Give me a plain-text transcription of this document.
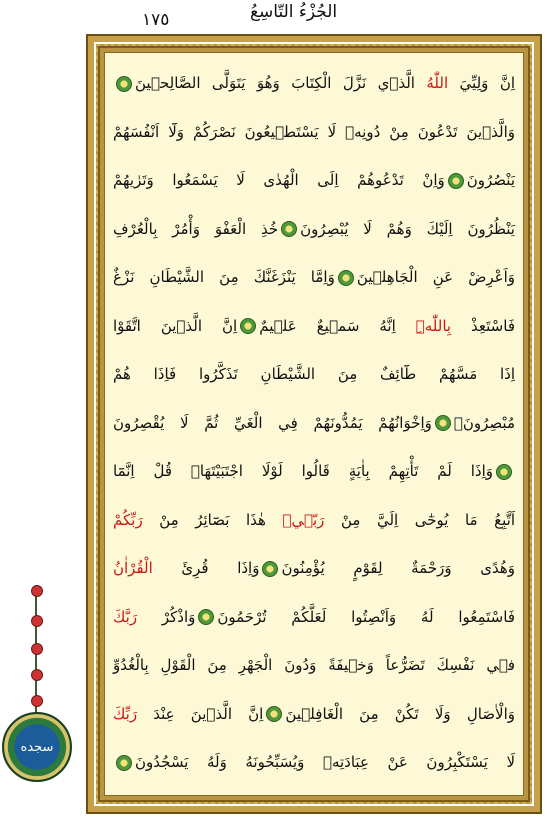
١٧٥	الجُزْءُ التّاسِعُ
اِنَّ وَلِيِّيَ اللّٰهُ الَّذ۪ي نَزَّلَ الْكِتَابَ وَهُوَ يَتَوَلَّى الصَّالِح۪ينَ
وَالَّذ۪ينَ تَدْعُونَ مِنْ دُونِه۪ لَا يَسْتَط۪يعُونَ نَصْرَكُمْ وَلَٓا اَنْفُسَهُمْ
يَنْصُرُونَوَاِنْ تَدْعُوهُمْ اِلَى الْهُدٰى لَا يَسْمَعُوا وَتَرٰيهُمْ
يَنْظُرُونَ اِلَيْكَ وَهُمْ لَا يُبْصِرُونَخُذِ الْعَفْوَ وَأْمُرْ بِالْعُرْفِ
وَاَعْرِضْ عَنِ الْجَاهِل۪ينَوَاِمَّا يَنْزَغَنَّكَ مِنَ الشَّيْطَانِ نَزْغٌ
فَاسْتَعِذْ بِاللّٰهِۜ اِنَّهُ سَم۪يعٌ عَل۪يمٌاِنَّ الَّذ۪ينَ اتَّقَوْا
اِذَا مَسَّهُمْ طَٓائِفٌ مِنَ الشَّيْطَانِ تَذَكَّرُوا فَاِذَا هُمْ
مُبْصِرُونَۚوَاِخْوَانُهُمْ يَمُدُّونَهُمْ فِي الْغَيِّ ثُمَّ لَا يُقْصِرُونَ
وَاِذَا لَمْ تَأْتِهِمْ بِاٰيَةٍ قَالُوا لَوْلَا اجْتَبَيْتَهَاۜ قُلْ اِنَّمَٓا
اَتَّبِعُ مَا يُوحٰٓى اِلَيَّ مِنْ رَبّ۪يۚ هٰذَا بَصَٓائِرُ مِنْ رَبِّكُمْ
وَهُدًى وَرَحْمَةٌ لِقَوْمٍ يُؤْمِنُونَوَاِذَا قُرِئَ الْقُرْاٰنُ
فَاسْتَمِعُوا لَهُ وَاَنْصِتُوا لَعَلَّكُمْ تُرْحَمُونَوَاذْكُرْ رَبَّكَ
ف۪ي نَفْسِكَ تَضَرُّعاً وَخ۪يفَةً وَدُونَ الْجَهْرِ مِنَ الْقَوْلِ بِالْغُدُوِّ
وَالْاٰصَالِ وَلَا تَكُنْ مِنَ الْغَافِل۪ينَاِنَّ الَّذ۪ينَ عِنْدَ رَبِّكَ
لَا يَسْتَكْبِرُونَ عَنْ عِبَادَتِه۪ وَيُسَبِّحُونَهُ وَلَهُ يَسْجُدُونَ
سجده
